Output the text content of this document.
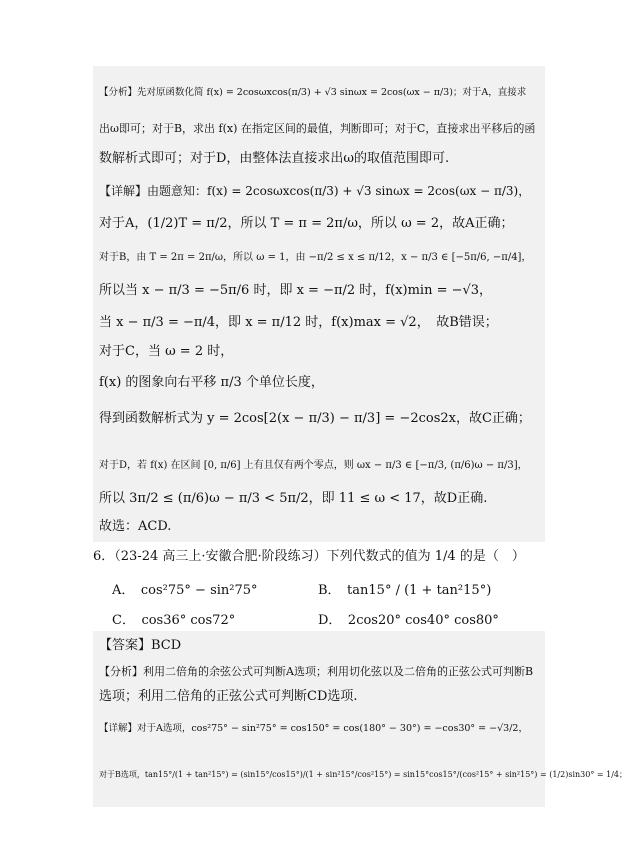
【分析】先对原函数化简 f(x) = 2cosωxcos(π/3) + √3 sinωx = 2cos(ωx − π/3)；对于A，直接求
出ω即可；对于B，求出 f(x) 在指定区间的最值，判断即可；对于C，直接求出平移后的函
数解析式即可；对于D，由整体法直接求出ω的取值范围即可.
【详解】由题意知：f(x) = 2cosωxcos(π/3) + √3 sinωx = 2cos(ωx − π/3)，
对于A，(1/2)T = π/2，所以 T = π = 2π/ω，所以 ω = 2，故A正确；
对于B，由 T = 2π = 2π/ω，所以 ω = 1，由 −π/2 ≤ x ≤ π/12，x − π/3 ∈ [−5π/6, −π/4]，
所以当 x − π/3 = −5π/6 时，即 x = −π/2 时，f(x)min = −√3，
当 x − π/3 = −π/4，即 x = π/12 时，f(x)max = √2，　故B错误；
对于C，当 ω = 2 时，
f(x) 的图象向右平移 π/3 个单位长度，
得到函数解析式为 y = 2cos[2(x − π/3) − π/3] = −2cos2x，故C正确；
对于D，若 f(x) 在区间 [0, π/6] 上有且仅有两个零点，则 ωx − π/3 ∈ [−π/3, (π/6)ω − π/3]，
所以 3π/2 ≤ (π/6)ω − π/3 < 5π/2，即 11 ≤ ω < 17，故D正确.
故选：ACD.
6．（23-24 高三上·安徽合肥·阶段练习）下列代数式的值为 1/4 的是（　）
A．　cos²75° − sin²75°	B．　tan15° / (1 + tan²15°)
C．　cos36° cos72°	D．　2cos20° cos40° cos80°
【答案】BCD
【分析】利用二倍角的余弦公式可判断A选项；利用切化弦以及二倍角的正弦公式可判断B
选项；利用二倍角的正弦公式可判断CD选项.
【详解】对于A选项，cos²75° − sin²75° = cos150° = cos(180° − 30°) = −cos30° = −√3/2，
对于B选项，tan15°/(1 + tan²15°) = (sin15°/cos15°)/(1 + sin²15°/cos²15°) = sin15°cos15°/(cos²15° + sin²15°) = (1/2)sin30° = 1/4；
